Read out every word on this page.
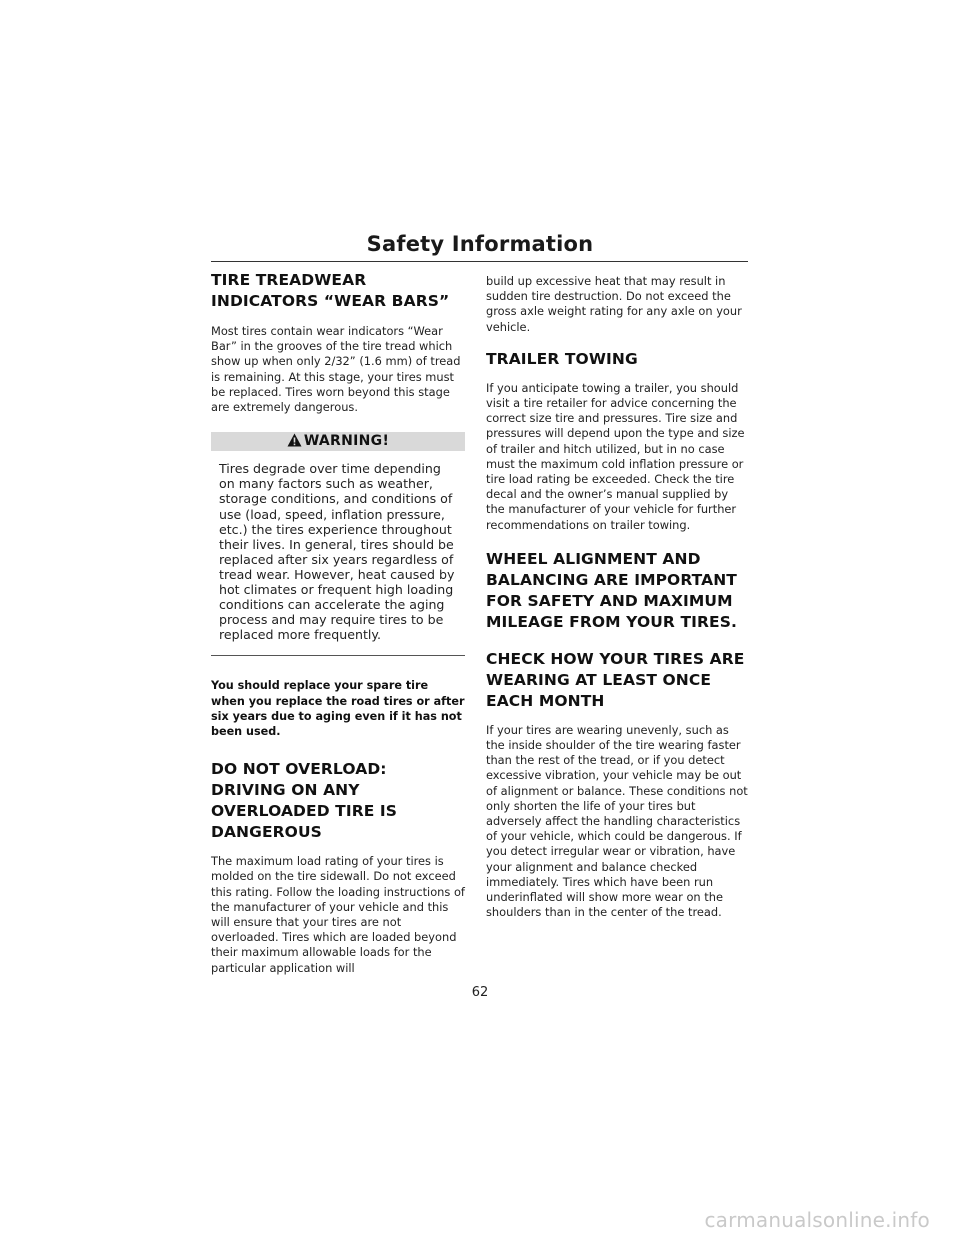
Safety Information
TIRE TREADWEAR INDICATORS “WEAR BARS”

Most tires contain wear indicators “Wear Bar” in the grooves of the tire tread which show up when only 2/32” (1.6 mm) of tread is remaining. At this stage, your tires must be replaced. Tires worn beyond this stage are extremely dangerous.

WARNING!
Tires degrade over time depending on many factors such as weather, storage conditions, and conditions of use (load, speed, inflation pressure, etc.) the tires experience throughout their lives. In general, tires should be replaced after six years regardless of tread wear. However, heat caused by hot climates or frequent high loading conditions can accelerate the aging process and may require tires to be replaced more frequently.

You should replace your spare tire when you replace the road tires or after six years due to aging even if it has not been used.

DO NOT OVERLOAD: DRIVING ON ANY OVERLOADED TIRE IS DANGEROUS

The maximum load rating of your tires is molded on the tire sidewall. Do not exceed this rating. Follow the loading instructions of the manufacturer of your vehicle and this will ensure that your tires are not overloaded. Tires which are loaded beyond their maximum allowable loads for the particular application will

build up excessive heat that may result in sudden tire destruction. Do not exceed the gross axle weight rating for any axle on your vehicle.

TRAILER TOWING

If you anticipate towing a trailer, you should visit a tire retailer for advice concerning the correct size tire and pressures. Tire size and pressures will depend upon the type and size of trailer and hitch utilized, but in no case must the maximum cold inflation pressure or tire load rating be exceeded. Check the tire decal and the owner’s manual supplied by the manufacturer of your vehicle for further recommendations on trailer towing.

WHEEL ALIGNMENT AND BALANCING ARE IMPORTANT FOR SAFETY AND MAXIMUM MILEAGE FROM YOUR TIRES.
CHECK HOW YOUR TIRES ARE WEARING AT LEAST ONCE EACH MONTH

If your tires are wearing unevenly, such as the inside shoulder of the tire wearing faster than the rest of the tread, or if you detect excessive vibration, your vehicle may be out of alignment or balance. These conditions not only shorten the life of your tires but adversely affect the handling characteristics of your vehicle, which could be dangerous. If you detect irregular wear or vibration, have your alignment and balance checked immediately. Tires which have been run underinflated will show more wear on the shoulders than in the center of the tread.

62
carmanualsonline.info
